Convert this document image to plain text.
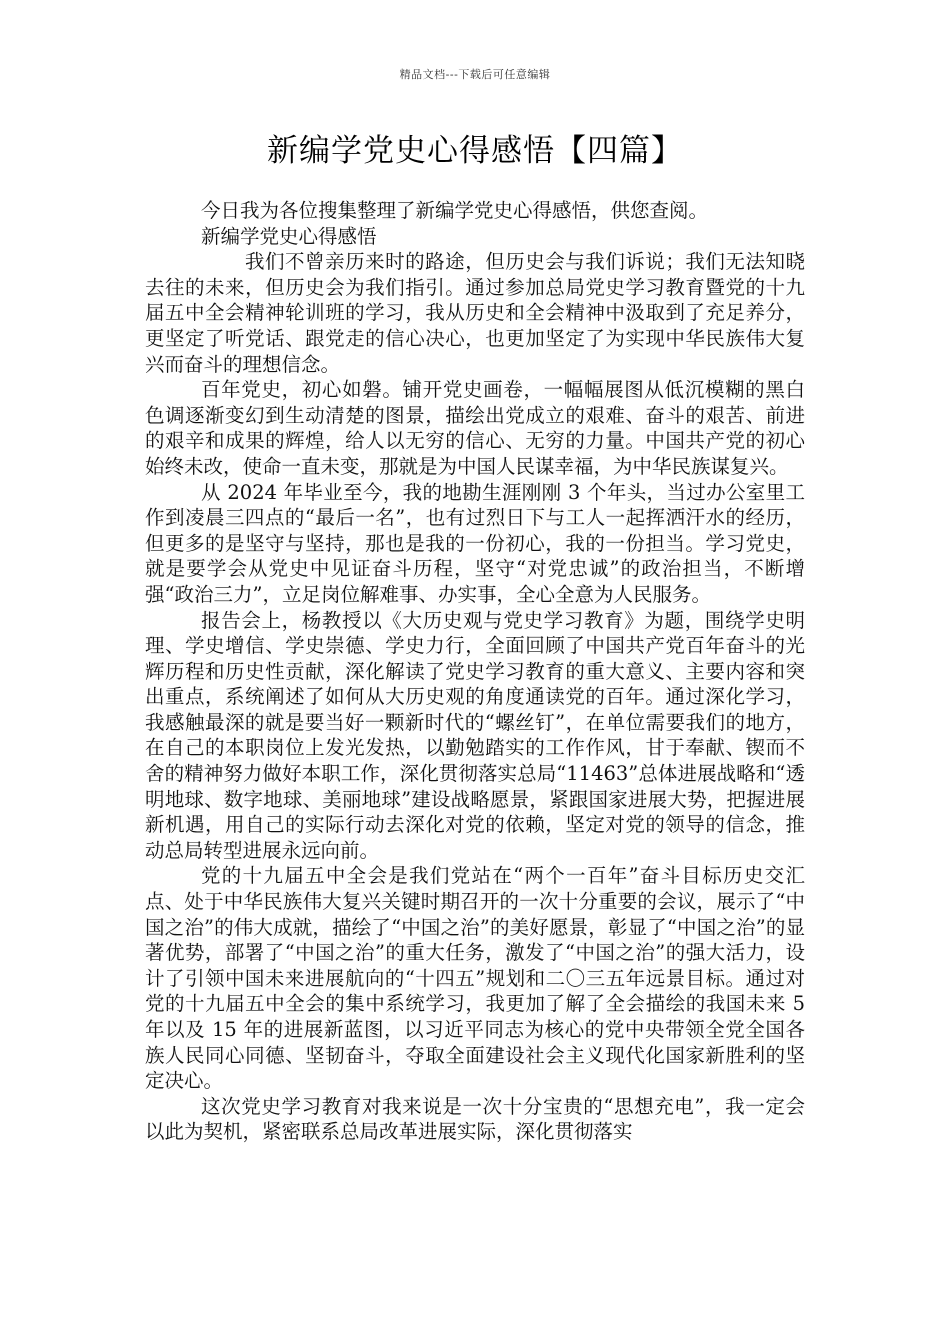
精品文档---下载后可任意编辑
新编学党史心得感悟【四篇】

今日我为各位搜集整理了新编学党史心得感悟，供您查阅。

新编学党史心得感悟

我们不曾亲历来时的路途，但历史会与我们诉说；我们无法知晓去往的未来，但历史会为我们指引。通过参加总局党史学习教育暨党的十九届五中全会精神轮训班的学习，我从历史和全会精神中汲取到了充足养分，更坚定了听党话、跟党走的信心决心，也更加坚定了为实现中华民族伟大复兴而奋斗的理想信念。

百年党史，初心如磐。铺开党史画卷，一幅幅展图从低沉模糊的黑白色调逐渐变幻到生动清楚的图景，描绘出党成立的艰难、奋斗的艰苦、前进的艰辛和成果的辉煌，给人以无穷的信心、无穷的力量。中国共产党的初心始终未改，使命一直未变，那就是为中国人民谋幸福，为中华民族谋复兴。

从 2024 年毕业至今，我的地勘生涯刚刚 3 个年头，当过办公室里工作到凌晨三四点的“最后一名”，也有过烈日下与工人一起挥洒汗水的经历，但更多的是坚守与坚持，那也是我的一份初心，我的一份担当。学习党史，就是要学会从党史中见证奋斗历程，坚守“对党忠诚”的政治担当，不断增强“政治三力”，立足岗位解难事、办实事，全心全意为人民服务。

报告会上，杨教授以《大历史观与党史学习教育》为题，围绕学史明理、学史增信、学史崇德、学史力行，全面回顾了中国共产党百年奋斗的光辉历程和历史性贡献，深化解读了党史学习教育的重大意义、主要内容和突出重点，系统阐述了如何从大历史观的角度通读党的百年。通过深化学习，我感触最深的就是要当好一颗新时代的“螺丝钉”，在单位需要我们的地方，在自己的本职岗位上发光发热，以勤勉踏实的工作作风，甘于奉献、锲而不舍的精神努力做好本职工作，深化贯彻落实总局“11463”总体进展战略和“透明地球、数字地球、美丽地球”建设战略愿景，紧跟国家进展大势，把握进展新机遇，用自己的实际行动去深化对党的依赖，坚定对党的领导的信念，推动总局转型进展永远向前。

党的十九届五中全会是我们党站在“两个一百年”奋斗目标历史交汇点、处于中华民族伟大复兴关键时期召开的一次十分重要的会议，展示了“中国之治”的伟大成就，描绘了“中国之治”的美好愿景，彰显了“中国之治”的显著优势，部署了“中国之治”的重大任务，激发了“中国之治”的强大活力，设计了引领中国未来进展航向的“十四五”规划和二〇三五年远景目标。通过对党的十九届五中全会的集中系统学习，我更加了解了全会描绘的我国未来 5 年以及 15 年的进展新蓝图，以习近平同志为核心的党中央带领全党全国各族人民同心同德、坚韧奋斗，夺取全面建设社会主义现代化国家新胜利的坚定决心。

这次党史学习教育对我来说是一次十分宝贵的“思想充电”，我一定会以此为契机，紧密联系总局改革进展实际，深化贯彻落实
